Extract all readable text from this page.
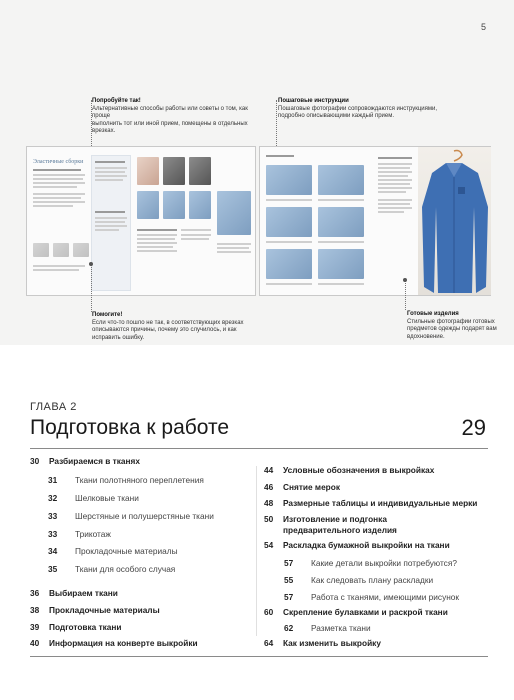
5
Попробуйте так!
Альтернативные способы работы или советы о том, как проще
выполнить тот или иной прием, помещены в отдельных врезках.
Пошаговые инструкции
Пошаговые фотографии сопровождаются инструкциями,
подробно описывающими каждый прием.
Эластичные сборки
Помогите!
Если что-то пошло не так, в соответствующих врезках
описываются причины, почему это случилось, и как
исправить ошибку.
Готовые изделия
Стильные фотографии готовых
предметов одежды подарят вам
вдохновение.
ГЛАВА 2
Подготовка к работе	29
30 Разбираемся в тканях
31 Ткани полотняного переплетения
32 Шелковые ткани
33 Шерстяные и полушерстяные ткани
33 Трикотаж
34 Прокладочные материалы
35 Ткани для особого случая
36 Выбираем ткани
38 Прокладочные материалы
39 Подготовка ткани
40 Информация на конверте выкройки
44 Условные обозначения в выкройках
46 Снятие мерок
48 Размерные таблицы и индивидуальные мерки
50 Изготовление и подгонка
предварительного изделия
54 Раскладка бумажной выкройки на ткани
57 Какие детали выкройки потребуются?
55 Как следовать плану раскладки
57 Работа с тканями, имеющими рисунок
60 Скрепление булавками и раскрой ткани
62 Разметка ткани
64 Как изменить выкройку
